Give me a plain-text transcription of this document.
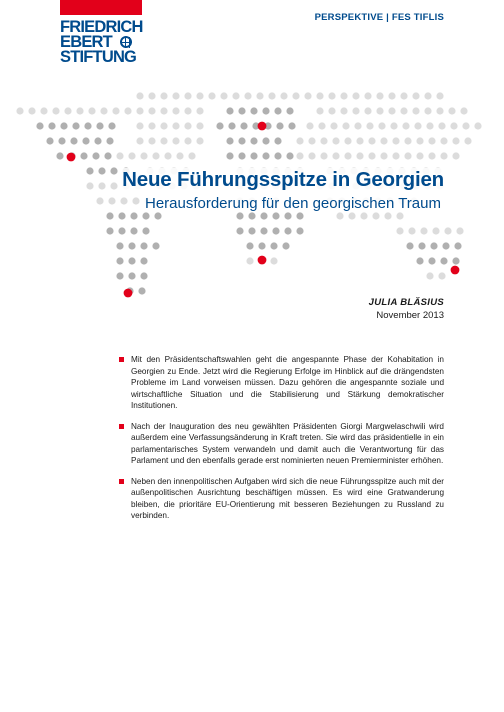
FRIEDRICH
EBERT
STIFTUNG
PERSPEKTIVE | FES TIFLIS
Neue Führungsspitze in Georgien
Herausforderung für den georgischen Traum
JULIA BLÄSIUS
November 2013

Mit den Präsidentschaftswahlen geht die angespannte Phase der Kohabitation in Georgien zu Ende. Jetzt wird die Regierung Erfolge im Hinblick auf die drängendsten Probleme im Land vorweisen müssen. Dazu gehören die angespannte soziale und wirtschaftliche Situation und die Stabilisierung und Stärkung demokratischer Institutionen.

Nach der Inauguration des neu gewählten Präsidenten Giorgi Margwelaschwili wird außerdem eine Verfassungsänderung in Kraft treten. Sie wird das präsidentielle in ein parlamentarisches System verwandeln und damit auch die Verantwortung für das Parlament und den ebenfalls gerade erst nominierten neuen Premierminister erhöhen.

Neben den innenpolitischen Aufgaben wird sich die neue Führungsspitze auch mit der außenpolitischen Ausrichtung beschäftigen müssen. Es wird eine Gratwanderung bleiben, die prioritäre EU-Orientierung mit besseren Beziehungen zu Russland zu verbinden.
